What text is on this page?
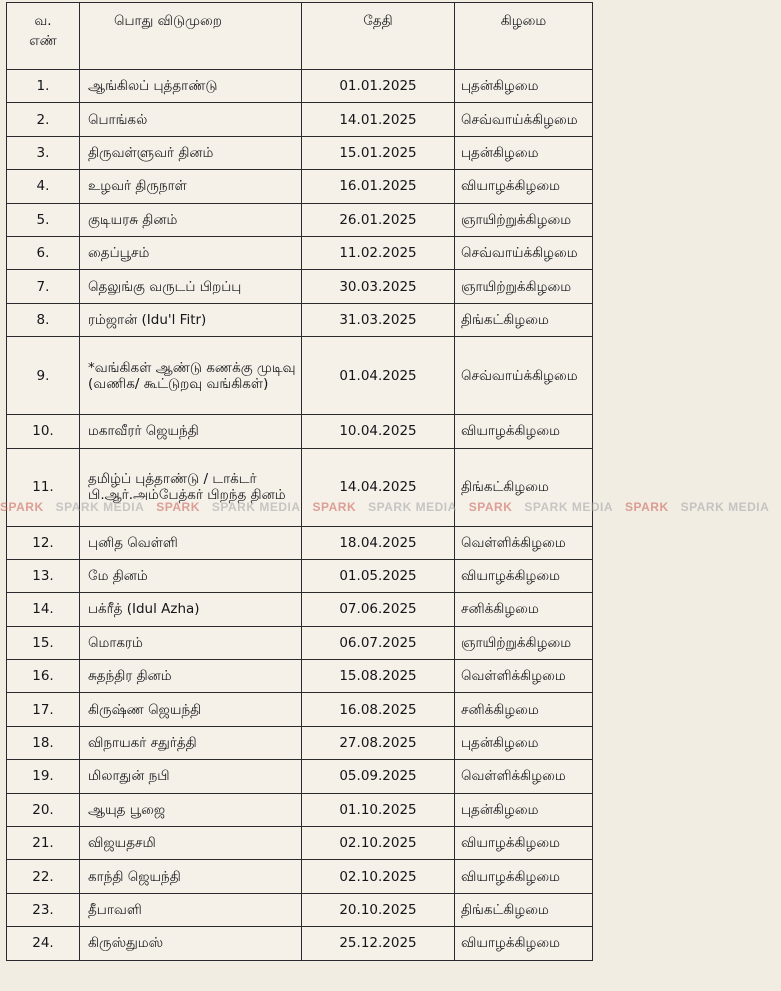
வ.
எண்	பொது விடுமுறை	தேதி	கிழமை
1.	ஆங்கிலப் புத்தாண்டு	01.01.2025	புதன்கிழமை
2.	பொங்கல்	14.01.2025	செவ்வாய்க்கிழமை
3.	திருவள்ளுவர் தினம்	15.01.2025	புதன்கிழமை
4.	உழவர் திருநாள்	16.01.2025	வியாழக்கிழமை
5.	குடியரசு தினம்	26.01.2025	ஞாயிற்றுக்கிழமை
6.	தைப்பூசம்	11.02.2025	செவ்வாய்க்கிழமை
7.	தெலுங்கு வருடப் பிறப்பு	30.03.2025	ஞாயிற்றுக்கிழமை
8.	ரம்ஜான் (Idu'l Fitr)	31.03.2025	திங்கட்கிழமை
9.	*வங்கிகள் ஆண்டு கணக்கு முடிவு (வணிக/ கூட்டுறவு வங்கிகள்)	01.04.2025	செவ்வாய்க்கிழமை
10.	மகாவீரர் ஜெயந்தி	10.04.2025	வியாழக்கிழமை
11.	தமிழ்ப் புத்தாண்டு / டாக்டர் பி.ஆர்.அம்பேத்கர் பிறந்த தினம்	14.04.2025	திங்கட்கிழமை
12.	புனித வெள்ளி	18.04.2025	வெள்ளிக்கிழமை
13.	மே தினம்	01.05.2025	வியாழக்கிழமை
14.	பக்ரீத் (Idul Azha)	07.06.2025	சனிக்கிழமை
15.	மொகரம்	06.07.2025	ஞாயிற்றுக்கிழமை
16.	சுதந்திர தினம்	15.08.2025	வெள்ளிக்கிழமை
17.	கிருஷ்ண ஜெயந்தி	16.08.2025	சனிக்கிழமை
18.	விநாயகர் சதுர்த்தி	27.08.2025	புதன்கிழமை
19.	மிலாதுன் நபி	05.09.2025	வெள்ளிக்கிழமை
20.	ஆயுத பூஜை	01.10.2025	புதன்கிழமை
21.	விஜயதசமி	02.10.2025	வியாழக்கிழமை
22.	காந்தி ஜெயந்தி	02.10.2025	வியாழக்கிழமை
23.	தீபாவளி	20.10.2025	திங்கட்கிழமை
24.	கிருஸ்துமஸ்	25.12.2025	வியாழக்கிழமை
SPARK SPARK MEDIA SPARK SPARK MEDIA SPARK SPARK MEDIA SPARK SPARK MEDIA SPARK SPARK MEDIA
